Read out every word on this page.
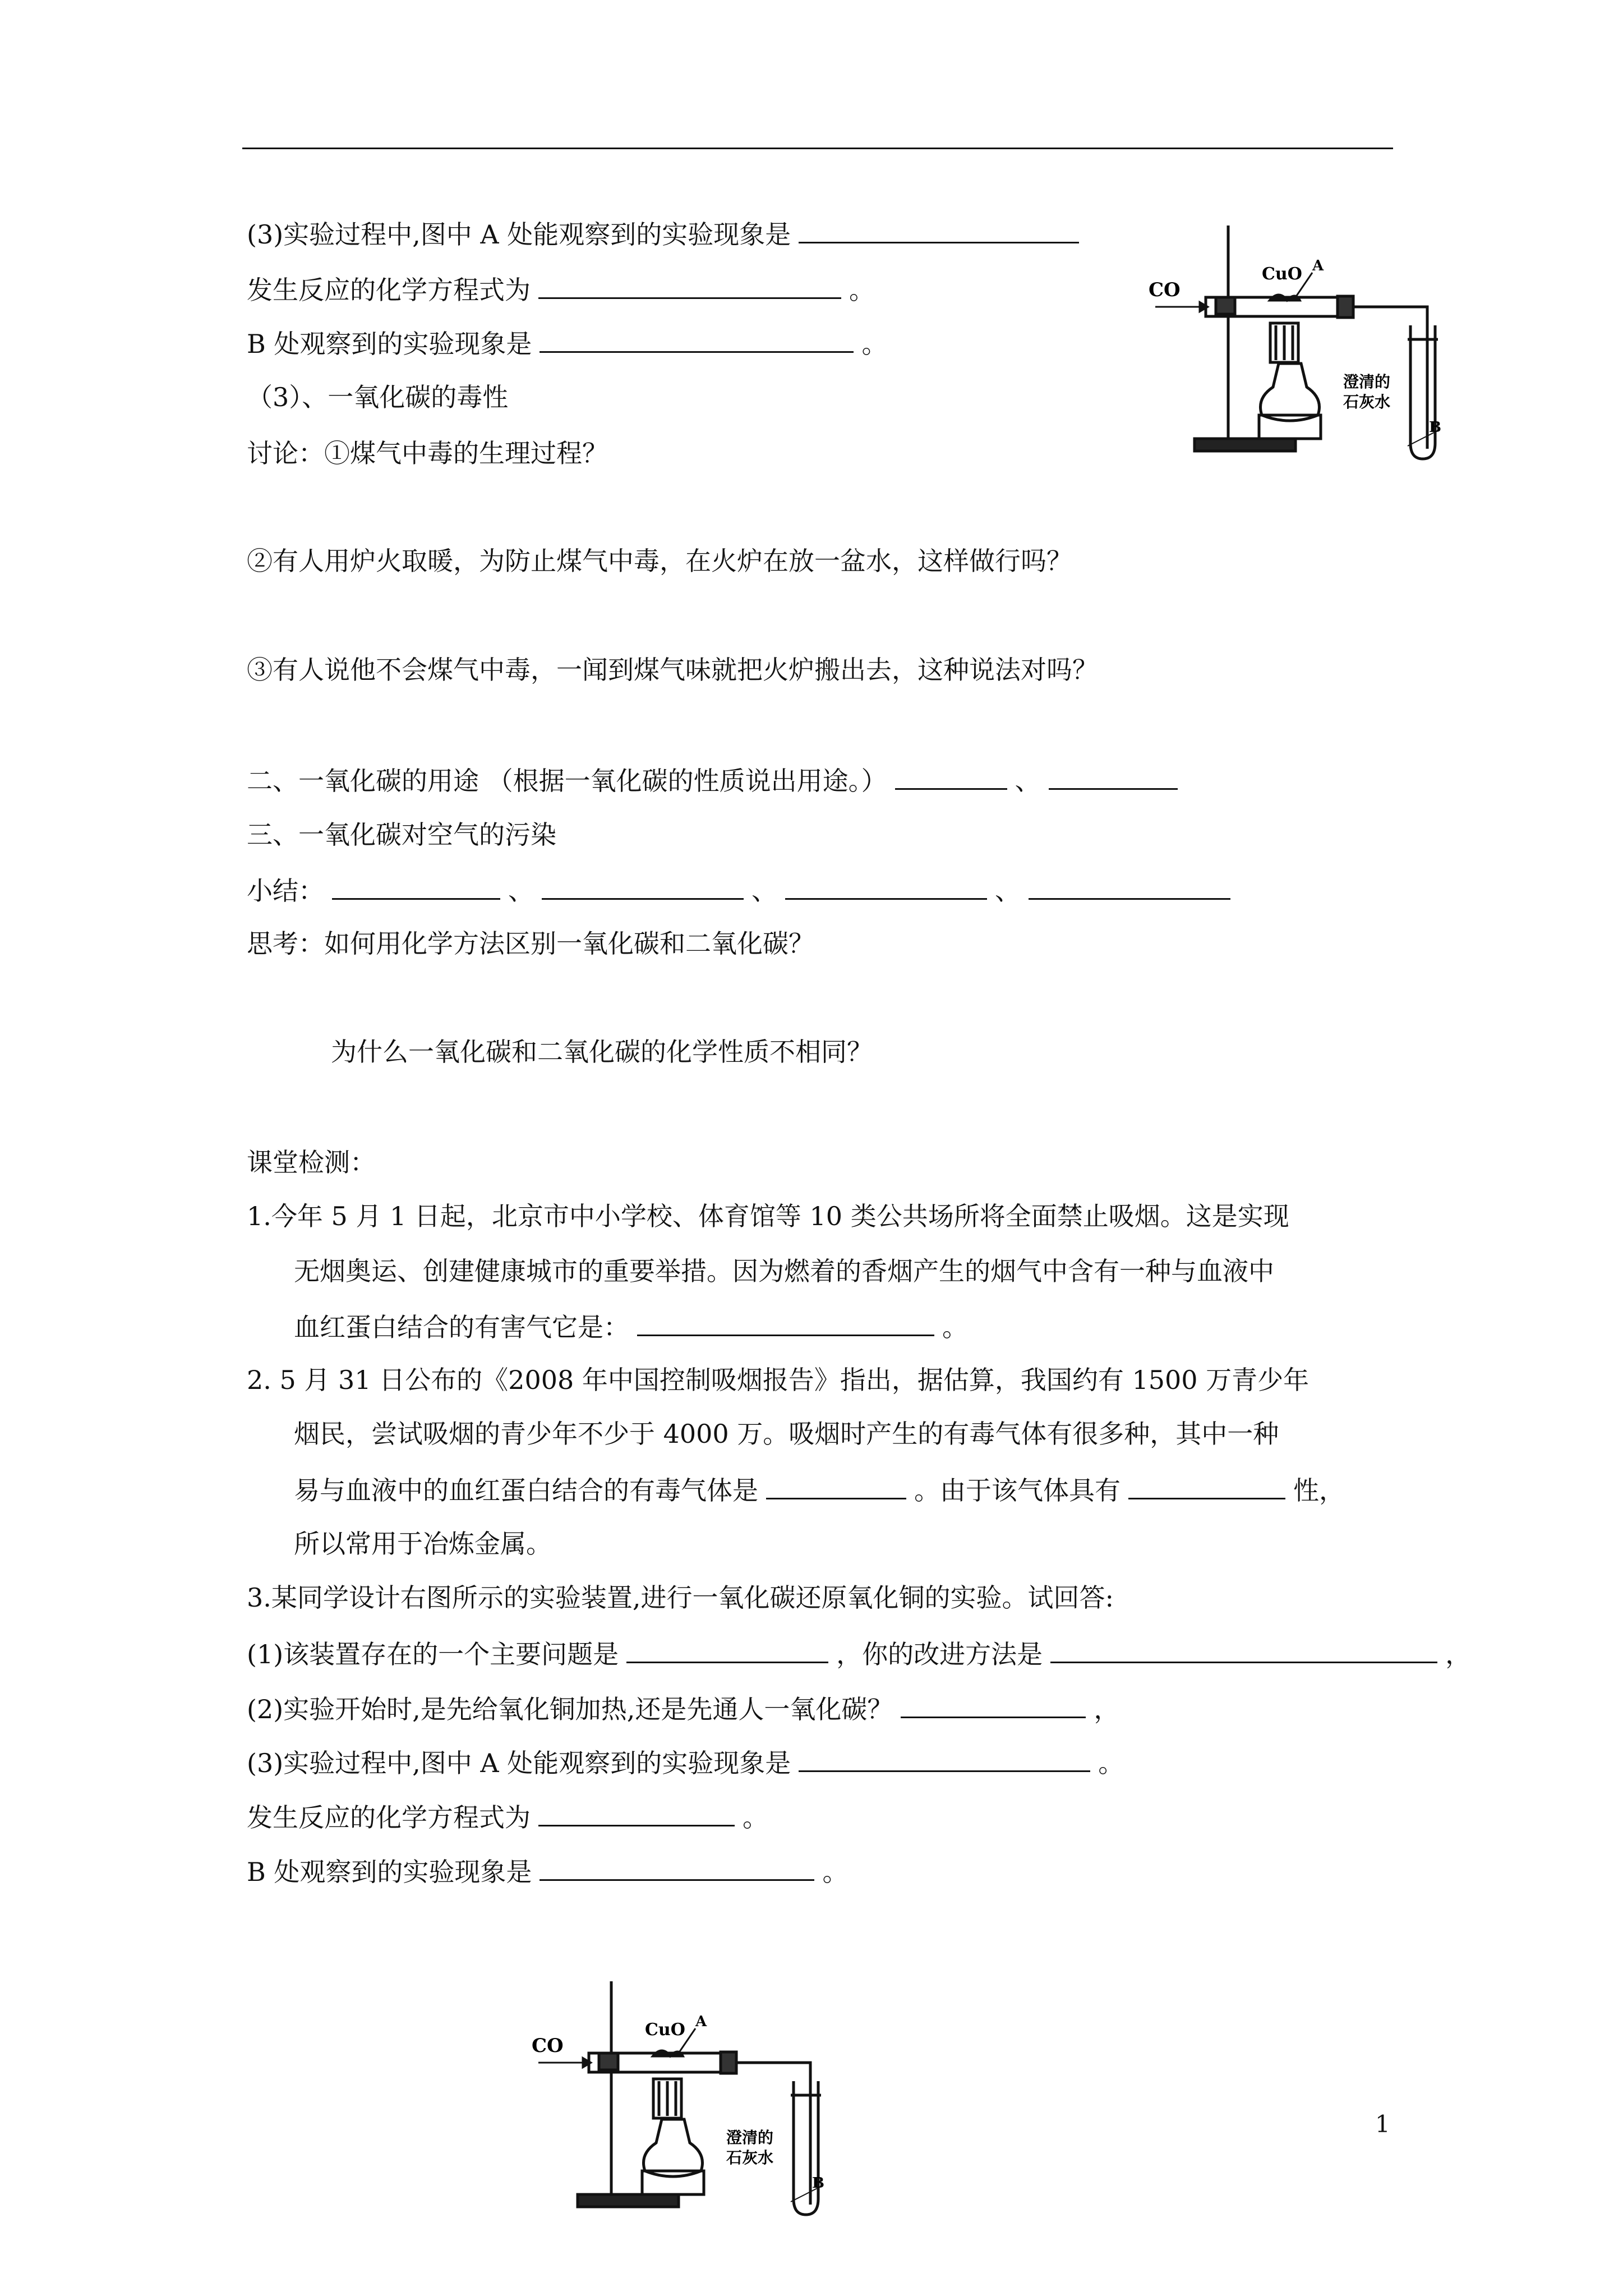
(3)实验过程中,图中 A 处能观察到的实验现象是
发生反应的化学方程式为	。
B 处观察到的实验现象是	。
（3）、一氧化碳的毒性
讨论：①煤气中毒的生理过程？
②有人用炉火取暖，为防止煤气中毒，在火炉在放一盆水，这样做行吗？
③有人说他不会煤气中毒，一闻到煤气味就把火炉搬出去，这种说法对吗？
二、一氧化碳的用途 （根据一氧化碳的性质说出用途。）	、
三、一氧化碳对空气的污染
小结：	、	、	、
思考：如何用化学方法区别一氧化碳和二氧化碳？
为什么一氧化碳和二氧化碳的化学性质不相同？
课堂检测：
1.今年 5 月 1 日起，北京市中小学校、体育馆等 10 类公共场所将全面禁止吸烟。这是实现
无烟奥运、创建健康城市的重要举措。因为燃着的香烟产生的烟气中含有一种与血液中
血红蛋白结合的有害气它是：	。
2. 5 月 31 日公布的《2008 年中国控制吸烟报告》指出，据估算，我国约有 1500 万青少年
烟民，尝试吸烟的青少年不少于 4000 万。吸烟时产生的有毒气体有很多种，其中一种
易与血液中的血红蛋白结合的有毒气体是	。由于该气体具有	性，
所以常用于冶炼金属。
3.某同学设计右图所示的实验装置,进行一氧化碳还原氧化铜的实验。试回答:
(1)该装置存在的一个主要问题是	，你的改进方法是	，
(2)实验开始时,是先给氧化铜加热,还是先通人一氧化碳？	，
(3)实验过程中,图中 A 处能观察到的实验现象是	。
发生反应的化学方程式为	。
B 处观察到的实验现象是	。
1
CO
CuO A
B
澄清的
石灰水
CO
CuO A
B
澄清的
石灰水
